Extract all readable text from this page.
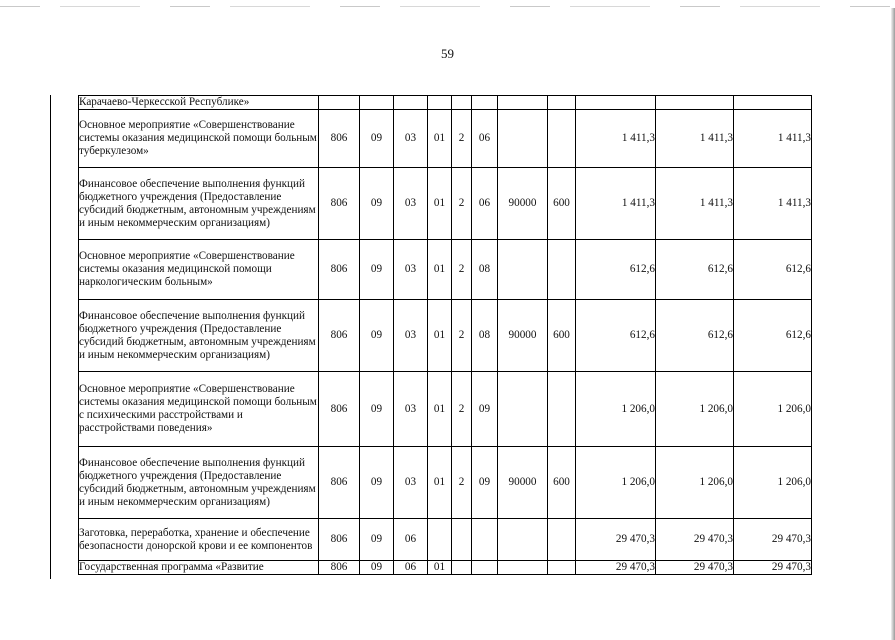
59
Карачаево-Черкесской Республике»											
Основное мероприятие «Совершенствование системы оказания медицинской помощи больным туберкулезом»	806	09	03	01	2	06			1 411,3	1 411,3	1 411,3
Финансовое обеспечение выполнения функций бюджетного учреждения (Предоставление субсидий бюджетным, автономным учреждениям и иным некоммерческим организациям)	806	09	03	01	2	06	90000	600	1 411,3	1 411,3	1 411,3
Основное мероприятие «Совершенствование системы оказания медицинской помощи наркологическим больным»	806	09	03	01	2	08			612,6	612,6	612,6
Финансовое обеспечение выполнения функций бюджетного учреждения (Предоставление субсидий бюджетным, автономным учреждениям и иным некоммерческим организациям)	806	09	03	01	2	08	90000	600	612,6	612,6	612,6
Основное мероприятие «Совершенствование системы оказания медицинской помощи больным с психическими расстройствами и расстройствами поведения»	806	09	03	01	2	09			1 206,0	1 206,0	1 206,0
Финансовое обеспечение выполнения функций бюджетного учреждения (Предоставление субсидий бюджетным, автономным учреждениям и иным некоммерческим организациям)	806	09	03	01	2	09	90000	600	1 206,0	1 206,0	1 206,0
Заготовка, переработка, хранение и обеспечение безопасности донорской крови и ее компонентов	806	09	06						29 470,3	29 470,3	29 470,3
Государственная программа «Развитие	806	09	06	01					29 470,3	29 470,3	29 470,3
